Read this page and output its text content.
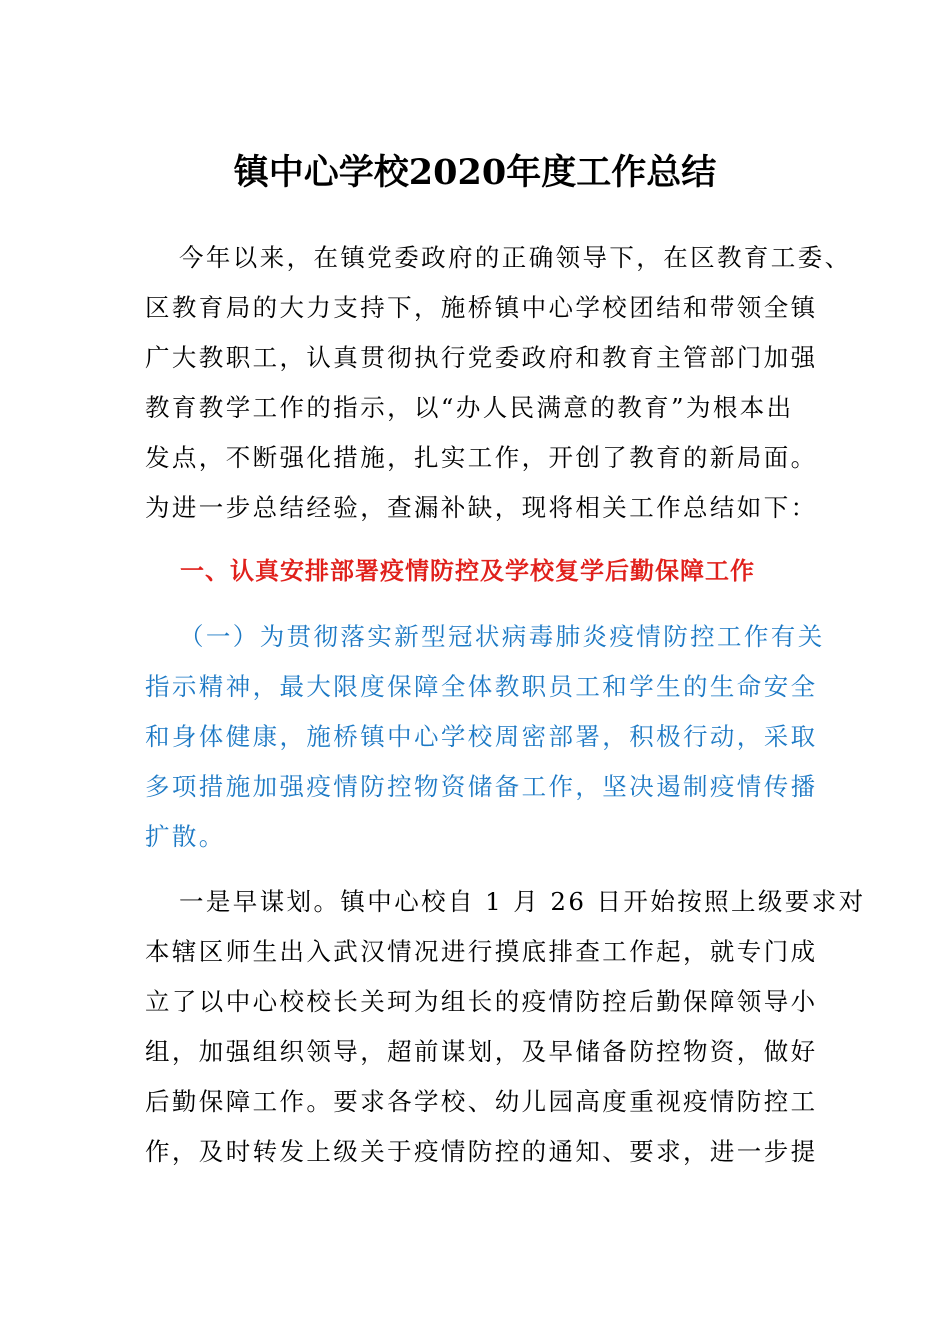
镇中心学校2020年度工作总结
今年以来，在镇党委政府的正确领导下，在区教育工委、
区教育局的大力支持下，施桥镇中心学校团结和带领全镇
广大教职工，认真贯彻执行党委政府和教育主管部门加强
教育教学工作的指示，以“办人民满意的教育”为根本出
发点，不断强化措施，扎实工作，开创了教育的新局面。
为进一步总结经验，查漏补缺，现将相关工作总结如下：
一、认真安排部署疫情防控及学校复学后勤保障工作
（一）为贯彻落实新型冠状病毒肺炎疫情防控工作有关
指示精神，最大限度保障全体教职员工和学生的生命安全
和身体健康，施桥镇中心学校周密部署，积极行动，采取
多项措施加强疫情防控物资储备工作，坚决遏制疫情传播
扩散。
一是早谋划。镇中心校自 1 月 26 日开始按照上级要求对
本辖区师生出入武汉情况进行摸底排查工作起，就专门成
立了以中心校校长关珂为组长的疫情防控后勤保障领导小
组，加强组织领导，超前谋划，及早储备防控物资，做好
后勤保障工作。要求各学校、幼儿园高度重视疫情防控工
作，及时转发上级关于疫情防控的通知、要求，进一步提
